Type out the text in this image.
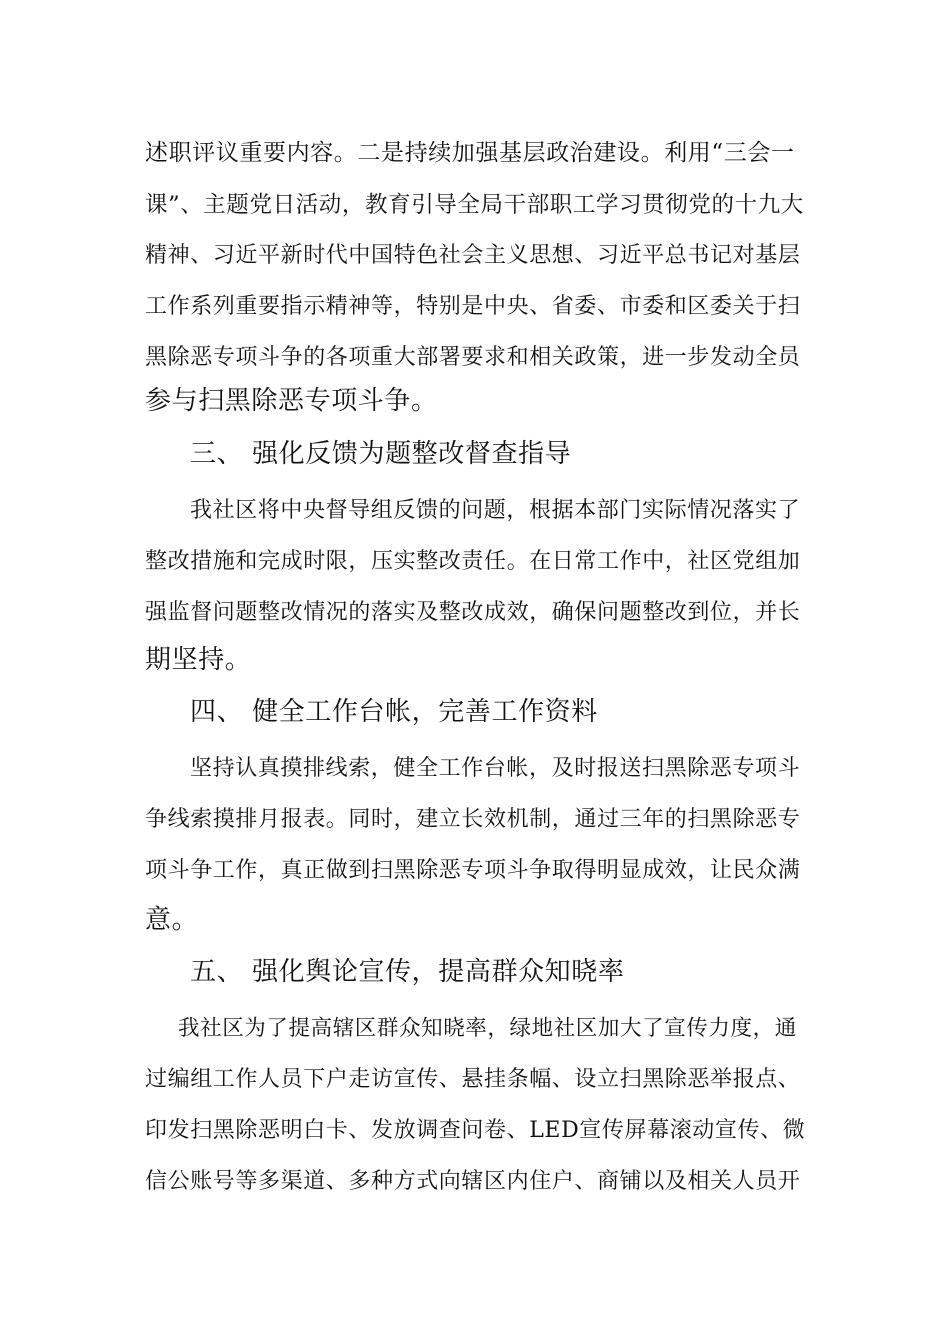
述职评议重要内容。二是持续加强基层政治建设。利用“三会一
课”、主题党日活动，教育引导全局干部职工学习贯彻党的十九大
精神、习近平新时代中国特色社会主义思想、习近平总书记对基层
工作系列重要指示精神等，特别是中央、省委、市委和区委关于扫
黑除恶专项斗争的各项重大部署要求和相关政策，进一步发动全员
参与扫黑除恶专项斗争。
三、 强化反馈为题整改督查指导
我社区将中央督导组反馈的问题，根据本部门实际情况落实了
整改措施和完成时限，压实整改责任。在日常工作中，社区党组加
强监督问题整改情况的落实及整改成效，确保问题整改到位，并长
期坚持。
四、 健全工作台帐，完善工作资料
坚持认真摸排线索，健全工作台帐，及时报送扫黑除恶专项斗
争线索摸排月报表。同时，建立长效机制，通过三年的扫黑除恶专
项斗争工作，真正做到扫黑除恶专项斗争取得明显成效，让民众满
意。
五、 强化舆论宣传，提高群众知晓率
我社区为了提高辖区群众知晓率，绿地社区加大了宣传力度，通
过编组工作人员下户走访宣传、悬挂条幅、设立扫黑除恶举报点、
印发扫黑除恶明白卡、发放调查问卷、LED宣传屏幕滚动宣传、微
信公账号等多渠道、多种方式向辖区内住户、商铺以及相关人员开
